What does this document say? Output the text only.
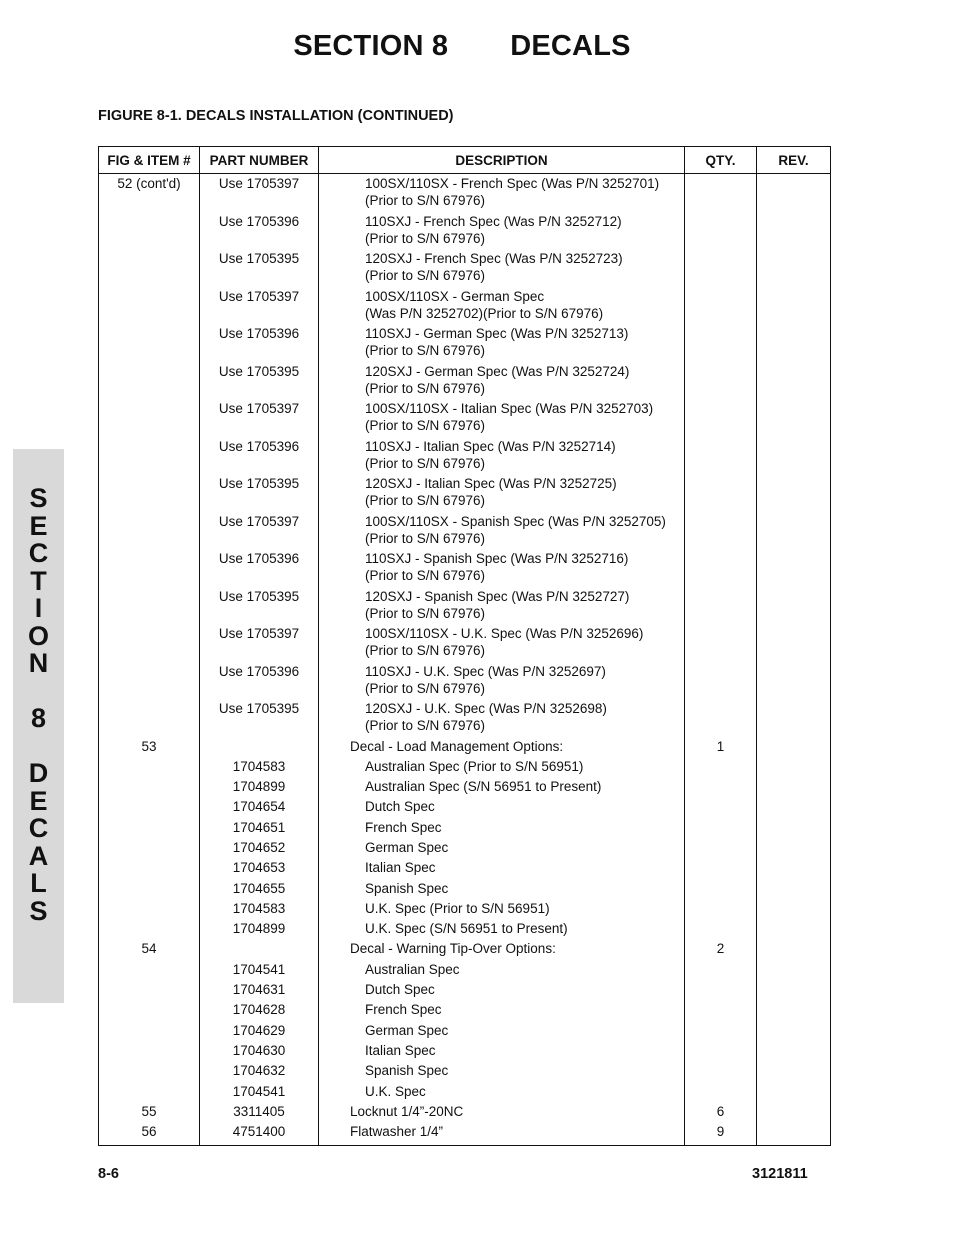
SECTION 8 DECALS
FIGURE 8-1. DECALS INSTALLATION (CONTINUED)
S
E
C
T
I
O
N
8
D
E
C
A
L
S
FIG & ITEM #	PART NUMBER	DESCRIPTION	QTY.	REV.
52 (cont'd)	Use 1705397	100SX/110SX - French Spec (Was P/N 3252701)
(Prior to S/N 67976)		

	Use 1705396	110SXJ - French Spec (Was P/N 3252712)
(Prior to S/N 67976)		

	Use 1705395	120SXJ - French Spec (Was P/N 3252723)
(Prior to S/N 67976)		

	Use 1705397	100SX/110SX - German Spec
(Was P/N 3252702)(Prior to S/N 67976)		

	Use 1705396	110SXJ - German Spec (Was P/N 3252713)
(Prior to S/N 67976)		

	Use 1705395	120SXJ - German Spec (Was P/N 3252724)
(Prior to S/N 67976)		

	Use 1705397	100SX/110SX - Italian Spec (Was P/N 3252703)
(Prior to S/N 67976)		

	Use 1705396	110SXJ - Italian Spec (Was P/N 3252714)
(Prior to S/N 67976)		

	Use 1705395	120SXJ - Italian Spec (Was P/N 3252725)
(Prior to S/N 67976)		

	Use 1705397	100SX/110SX - Spanish Spec (Was P/N 3252705)
(Prior to S/N 67976)		

	Use 1705396	110SXJ - Spanish Spec (Was P/N 3252716)
(Prior to S/N 67976)		

	Use 1705395	120SXJ - Spanish Spec (Was P/N 3252727)
(Prior to S/N 67976)		

	Use 1705397	100SX/110SX - U.K. Spec (Was P/N 3252696)
(Prior to S/N 67976)		

	Use 1705396	110SXJ - U.K. Spec (Was P/N 3252697)
(Prior to S/N 67976)		

	Use 1705395	120SXJ - U.K. Spec (Was P/N 3252698)
(Prior to S/N 67976)		

53		Decal - Load Management Options:	1	
	1704583	Australian Spec (Prior to S/N 56951)		

	1704899	Australian Spec (S/N 56951 to Present)		

	1704654	Dutch Spec		

	1704651	French Spec		

	1704652	German Spec		

	1704653	Italian Spec		

	1704655	Spanish Spec		

	1704583	U.K. Spec (Prior to S/N 56951)		

	1704899	U.K. Spec (S/N 56951 to Present)		

54		Decal - Warning Tip-Over Options:	2	
	1704541	Australian Spec		

	1704631	Dutch Spec		

	1704628	French Spec		

	1704629	German Spec		

	1704630	Italian Spec		

	1704632	Spanish Spec		

	1704541	U.K. Spec		

55	3311405	Locknut 1/4”-20NC	6	
56	4751400	Flatwasher 1/4”	9	
8-6	3121811
